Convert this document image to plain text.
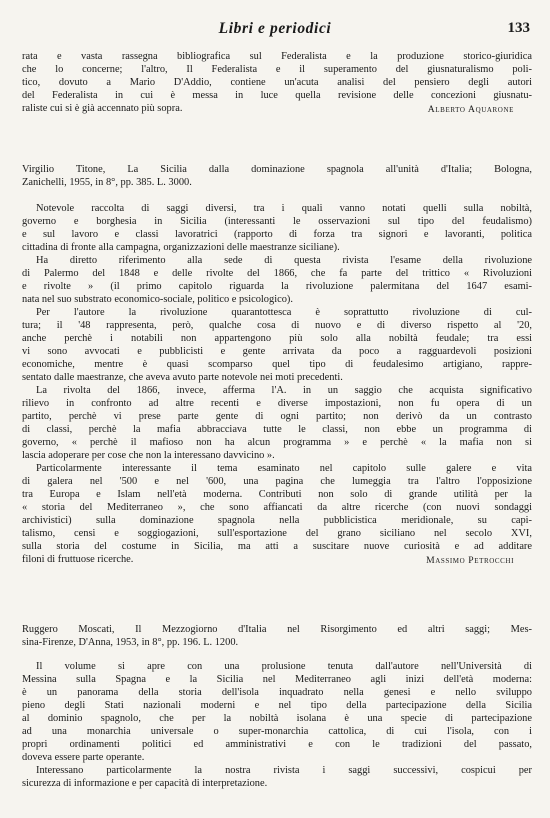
Libri e periodici	133
rata e vasta rassegna bibliografica sul Federalista e la produzione storico-giuridica
che lo concerne; l'altro, Il Federalista e il superamento del giusnaturalismo poli-
tico, dovuto a Mario D'Addio, contiene un'acuta analisi del pensiero degli autori
del Federalista in cui è messa in luce quella revisione delle concezioni giusnatu-
raliste cui si è già accennato più sopra.	Alberto Aquarone
Virgilio Titone, La Sicilia dalla dominazione spagnola all'unità d'Italia; Bologna,
Zanichelli, 1955, in 8°, pp. 385. L. 3000.
Notevole raccolta di saggi diversi, tra i quali vanno notati quelli sulla nobiltà,
governo e borghesia in Sicilia (interessanti le osservazioni sul tipo del feudalismo)
e sul lavoro e classi lavoratrici (rapporto di forza tra signori e lavoranti, politica
cittadina di fronte alla campagna, organizzazioni delle maestranze siciliane).
Ha diretto riferimento alla sede di questa rivista l'esame della rivoluzione
di Palermo del 1848 e delle rivolte del 1866, che fa parte del trittico « Rivoluzioni
e rivolte » (il primo capitolo riguarda la rivoluzione palermitana del 1647 esami-
nata nel suo substrato economico-sociale, politico e psicologico).
Per l'autore la rivoluzione quarantottesca è soprattutto rivoluzione di cul-
tura; il '48 rappresenta, però, qualche cosa di nuovo e di diverso rispetto al '20,
anche perchè i notabili non appartengono più solo alla nobiltà feudale; tra essi
vi sono avvocati e pubblicisti e gente arrivata da poco a ragguardevoli posizioni
economiche, mentre è quasi scomparso quel tipo di feudalesimo artigiano, rappre-
sentato dalle maestranze, che aveva avuto parte notevole nei moti precedenti.
La rivolta del 1866, invece, afferma l'A. in un saggio che acquista significativo
rilievo in confronto ad altre recenti e diverse impostazioni, non fu opera di un
partito, perchè vi prese parte gente di ogni partito; non derivò da un contrasto
di classi, perchè la mafia abbracciava tutte le classi, non ebbe un programma di
governo, « perchè il mafioso non ha alcun programma » e perchè « la mafia non si
lascia adoperare per cose che non la interessano davvicino ».
Particolarmente interessante il tema esaminato nel capitolo sulle galere e vita
di galera nel '500 e nel '600, una pagina che lumeggia tra l'altro l'opposizione
tra Europa e Islam nell'età moderna. Contributi non solo di grande utilità per la
« storia del Mediterraneo », che sono affiancati da altre ricerche (con nuovi sondaggi
archivistici) sulla dominazione spagnola nella pubblicistica meridionale, su capi-
talismo, censi e soggiogazioni, sull'esportazione del grano siciliano nel secolo XVI,
sulla storia del costume in Sicilia, ma atti a suscitare nuove curiosità e ad additare
filoni di fruttuose ricerche.	Massimo Petrocchi
Ruggero Moscati, Il Mezzogiorno d'Italia nel Risorgimento ed altri saggi; Mes-
sina-Firenze, D'Anna, 1953, in 8°, pp. 196. L. 1200.
Il volume si apre con una prolusione tenuta dall'autore nell'Università di
Messina sulla Spagna e la Sicilia nel Mediterraneo agli inizi dell'età moderna:
è un panorama della storia dell'isola inquadrato nella genesi e nello sviluppo
pieno degli Stati nazionali moderni e nel tipo della partecipazione della Sicilia
al dominio spagnolo, che per la nobiltà isolana è una specie di partecipazione
ad una monarchia universale o super-monarchia cattolica, di cui l'isola, con i
propri ordinamenti politici ed amministrativi e con le tradizioni del passato,
doveva essere parte operante.
Interessano particolarmente la nostra rivista i saggi successivi, cospicui per
sicurezza di informazione e per capacità di interpretazione.
